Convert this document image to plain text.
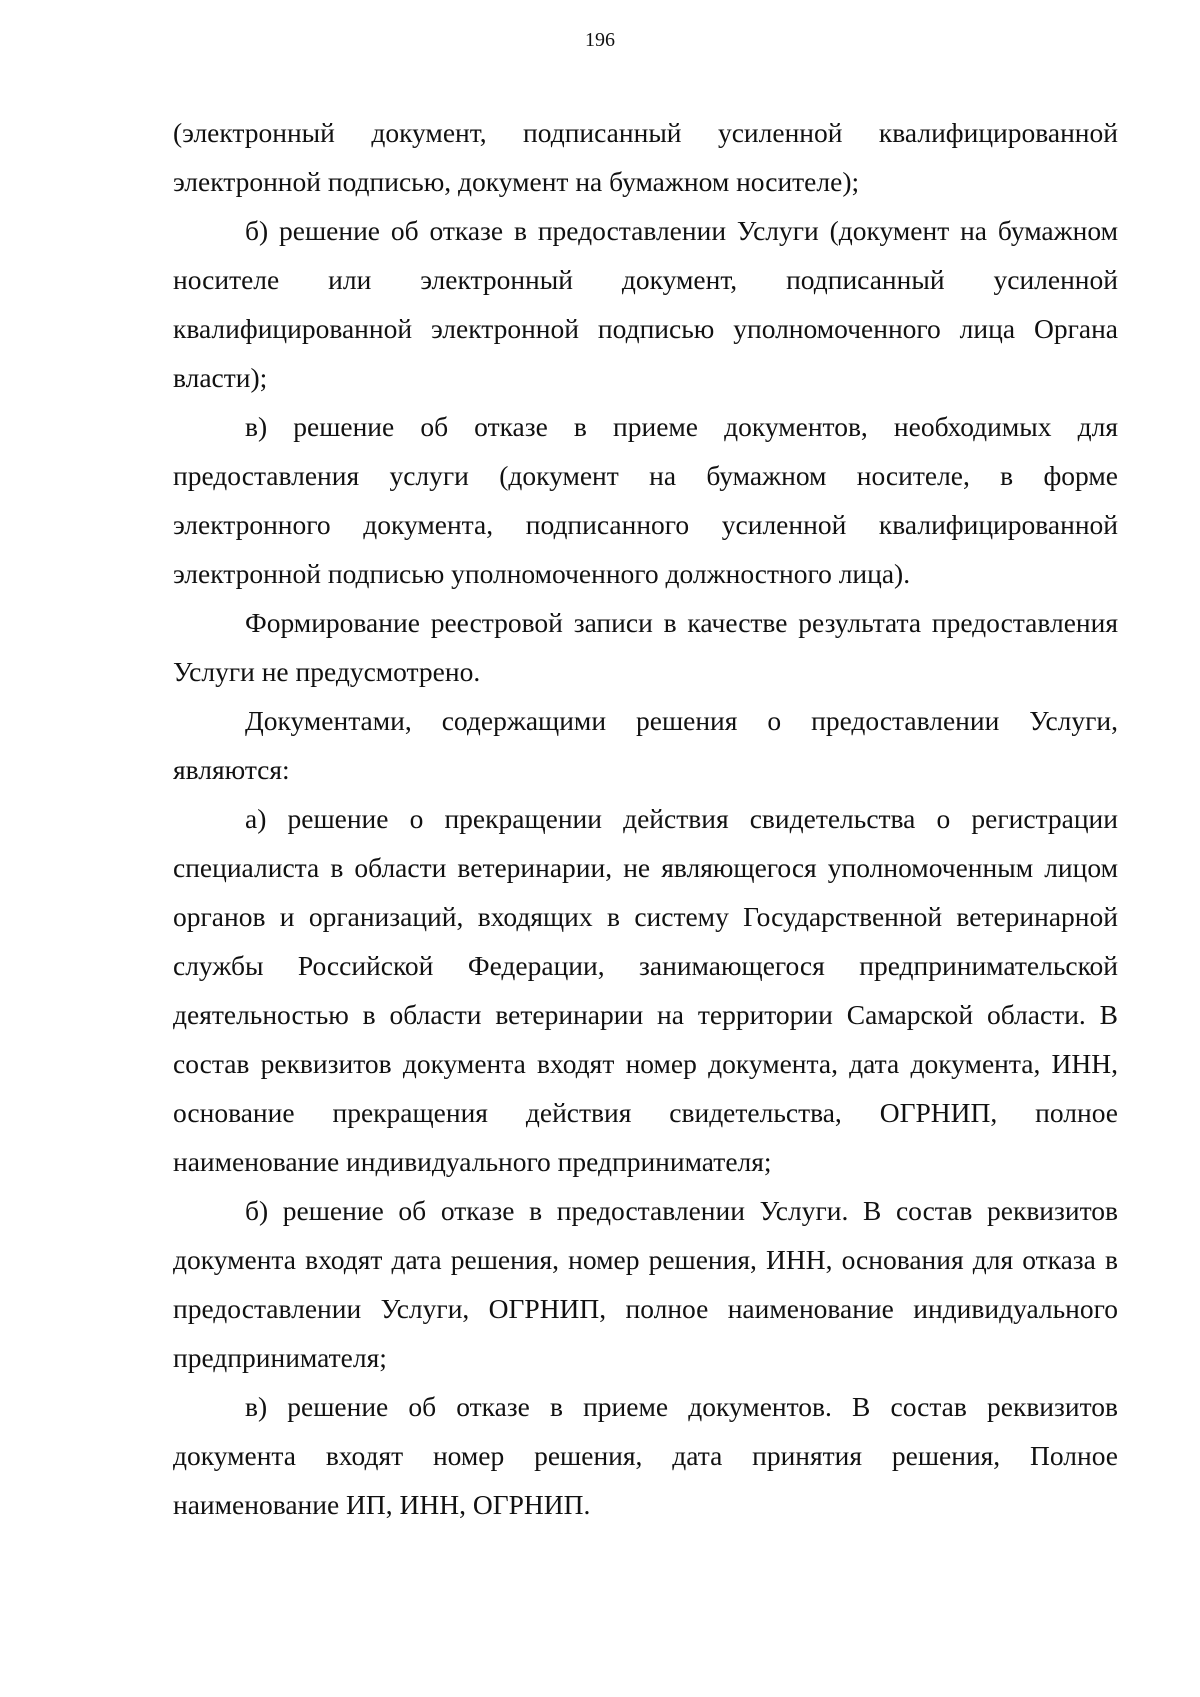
196

(электронный документ, подписанный усиленной квалифицированной электронной подписью, документ на бумажном носителе);

б) решение об отказе в предоставлении Услуги (документ на бумажном носителе или электронный документ, подписанный усиленной квалифицированной электронной подписью уполномоченного лица Органа власти);

в) решение об отказе в приеме документов, необходимых для предоставления услуги (документ на бумажном носителе, в форме электронного документа, подписанного усиленной квалифицированной электронной подписью уполномоченного должностного лица).

Формирование реестровой записи в качестве результата предоставления Услуги не предусмотрено.

Документами, содержащими решения о предоставлении Услуги, являются:

а) решение о прекращении действия свидетельства о регистрации специалиста в области ветеринарии, не являющегося уполномоченным лицом органов и организаций, входящих в систему Государственной ветеринарной службы Российской Федерации, занимающегося предпринимательской деятельностью в области ветеринарии на территории Самарской области. В состав реквизитов документа входят номер документа, дата документа, ИНН, основание прекращения действия свидетельства, ОГРНИП, полное наименование индивидуального предпринимателя;

б) решение об отказе в предоставлении Услуги. В состав реквизитов документа входят дата решения, номер решения, ИНН, основания для отказа в предоставлении Услуги, ОГРНИП, полное наименование индивидуального предпринимателя;

в) решение об отказе в приеме документов. В состав реквизитов документа входят номер решения, дата принятия решения, Полное наименование ИП, ИНН, ОГРНИП.
